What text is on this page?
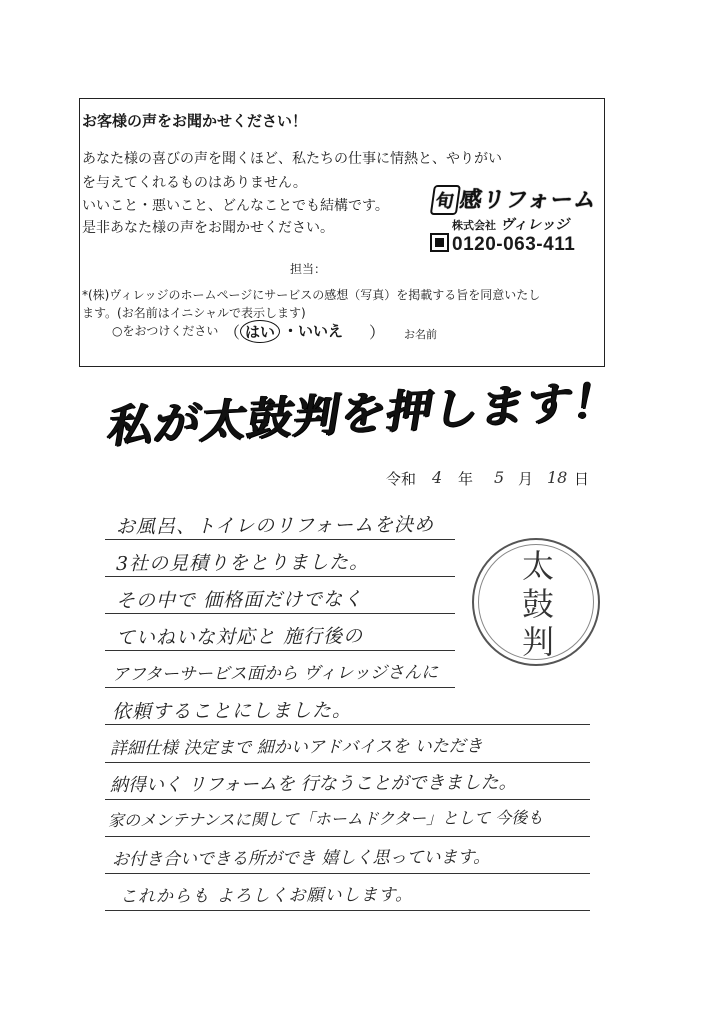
お客様の声をお聞かせください！
あなた様の喜びの声を聞くほど、私たちの仕事に情熱と、やりがい
を与えてくれるものはありません。
いいこと・悪いこと、どんなことでも結構です。
是非あなた様の声をお聞かせください。
旬感リフォーム
株式会社 ヴィレッジ
0120-063-411
担当：
*(株)ヴィレッジのホームページにサービスの感想（写真）を掲載する旨を同意いたし
ます。(お名前はイニシャルで表示します)
○をおつけください （ はい ・ いいえ ） お名前
私が太鼓判を押します！
令和 4 年 5 月 18 日
お風呂、トイレのリフォームを決め
3社の見積りをとりました。
その中で 価格面だけでなく
ていねいな対応と 施行後の
アフターサービス面から ヴィレッジさんに
依頼することにしました。
詳細仕様 決定まで 細かいアドバイスを いただき
納得いく リフォームを 行なうことができました。
家のメンテナンスに関して「ホームドクター」として 今後も
お付き合いできる所ができ 嬉しく思っています。
これからも よろしくお願いします。
太
鼓
判
